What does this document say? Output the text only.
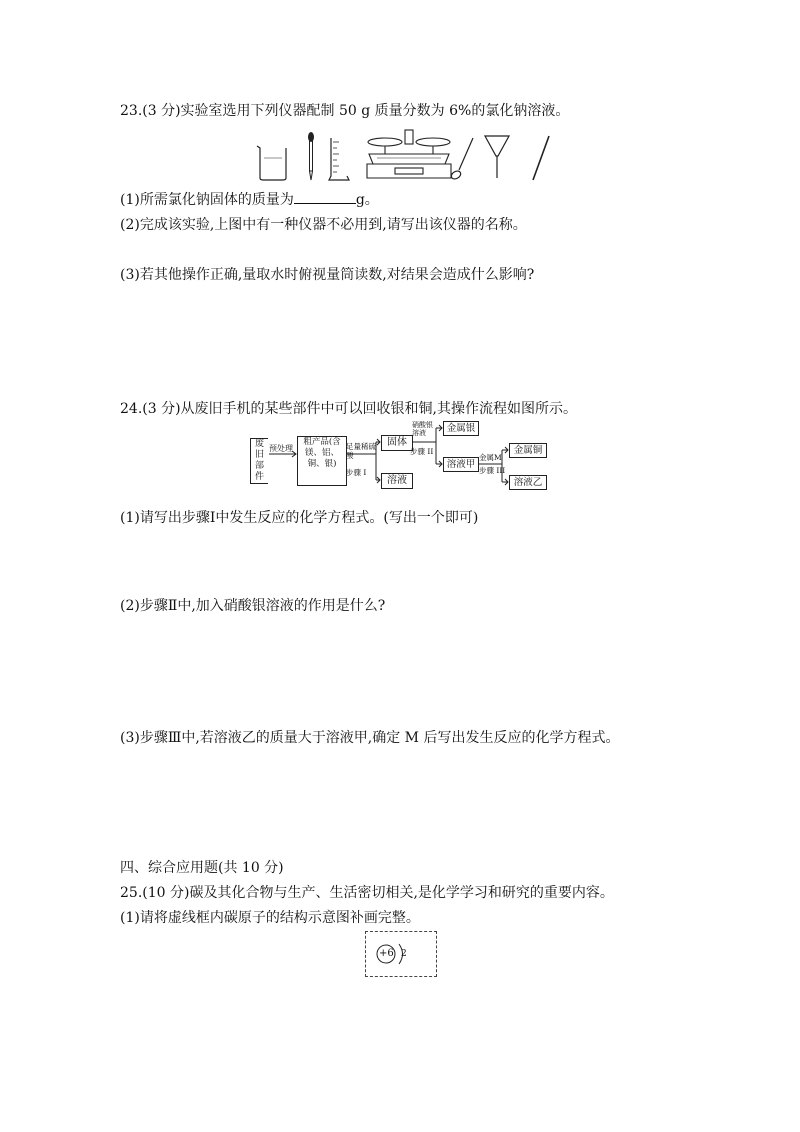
23.(3 分)实验室选用下列仪器配制 50 g 质量分数为 6%的氯化钠溶液。
(1)所需氯化钠固体的质量为	g。
(2)完成该实验,上图中有一种仪器不必用到,请写出该仪器的名称。
(3)若其他操作正确,量取水时俯视量筒读数,对结果会造成什么影响?
24.(3 分)从废旧手机的某些部件中可以回收银和铜,其操作流程如图所示。
废旧部件
预处理
粗产品(含镁、铝、铜、银)
足量稀硫酸
步骤 I
固体
溶液
硝酸银溶液
步骤 II
金属银
溶液甲
金属M
步骤 III
金属铜
溶液乙
(1)请写出步骤Ⅰ中发生反应的化学方程式。(写出一个即可)
(2)步骤Ⅱ中,加入硝酸银溶液的作用是什么?
(3)步骤Ⅲ中,若溶液乙的质量大于溶液甲,确定 M 后写出发生反应的化学方程式。
四、综合应用题(共 10 分)
25.(10 分)碳及其化合物与生产、生活密切相关,是化学学习和研究的重要内容。
(1)请将虚线框内碳原子的结构示意图补画完整。
+6 2
